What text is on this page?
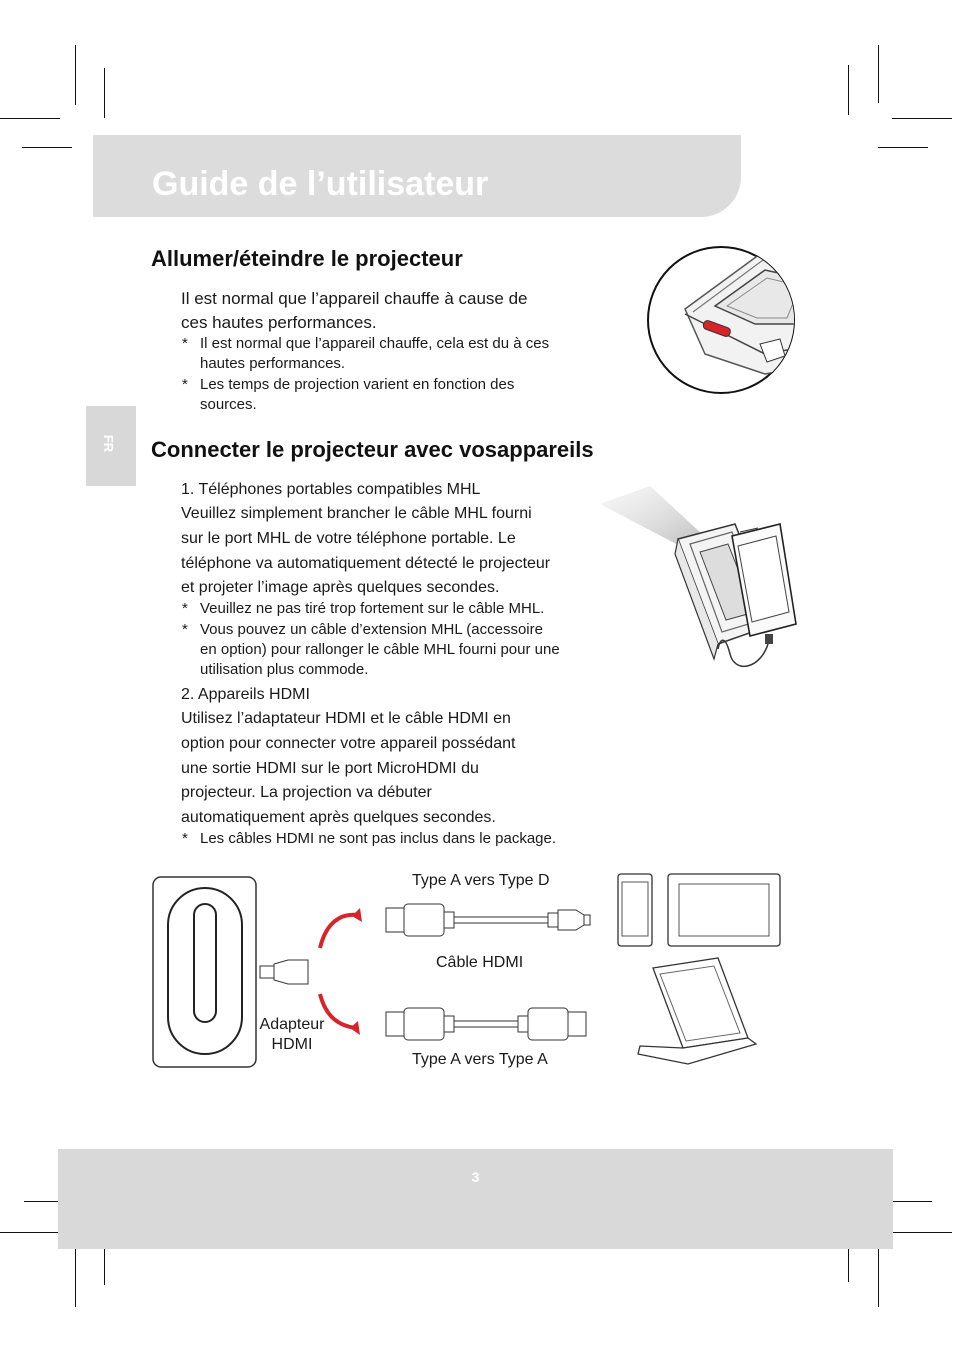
Guide de l’utilisateur
FR
Allumer/éteindre le projecteur
Il est normal que l’appareil chauffe à cause de
ces hautes performances.
* Il est normal que l’appareil chauffe, cela est du à ces
hautes performances.
* Les temps de projection varient en fonction des
sources.
Connecter le projecteur avec vosappareils
1. Téléphones portables compatibles MHL
Veuillez simplement brancher le câble MHL fourni
sur le port MHL de votre téléphone portable. Le
téléphone va automatiquement détecté le projecteur
et projeter l’image après quelques secondes.
* Veuillez ne pas tiré trop fortement sur le câble MHL.
* Vous pouvez un câble d’extension MHL (accessoire
en option) pour rallonger le câble MHL fourni pour une
utilisation plus commode.
2. Appareils HDMI
Utilisez l’adaptateur HDMI et le câble HDMI en
option pour connecter votre appareil possédant
une sortie HDMI sur le port MicroHDMI du
projecteur. La projection va débuter
automatiquement après quelques secondes.
* Les câbles HDMI ne sont pas inclus dans le package.
Type A vers Type D
Câble HDMI
Type A vers Type A
Adapteur
HDMI
3
